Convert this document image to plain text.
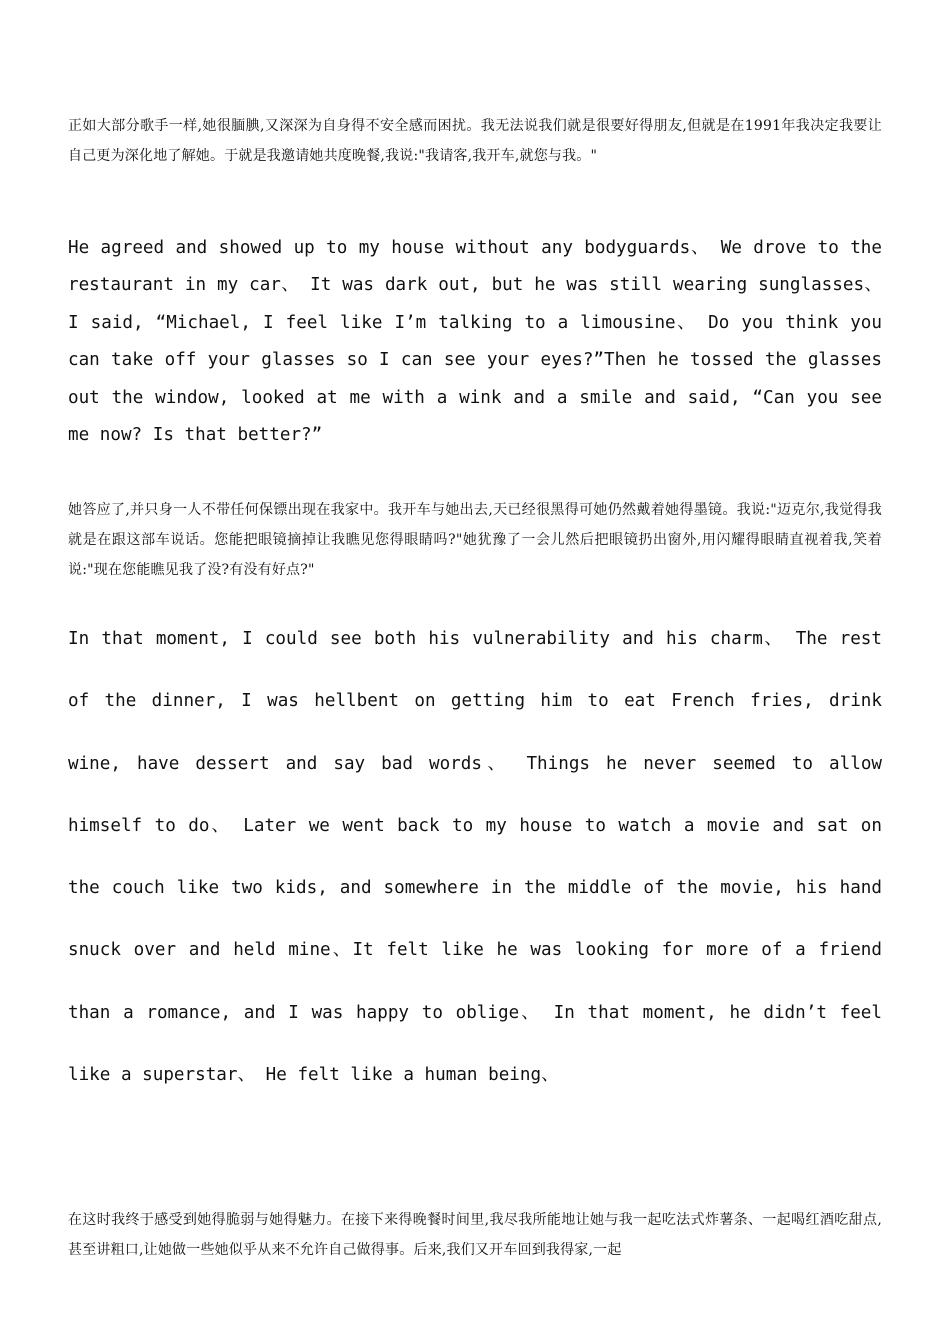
正如大部分歌手一样,她很腼腆,又深深为自身得不安全感而困扰。我无法说我们就是很要好得朋友,但就是在1991年我决定我要让自己更为深化地了解她。于就是我邀请她共度晚餐,我说:"我请客,我开车,就您与我。"

He agreed and showed up to my house without any bodyguards、 We drove to the restaurant in my car、 It was dark out, but he was still wearing sunglasses、 I said, “Michael, I feel like I’m talking to a limousine、 Do you think you can take off your glasses so I can see your eyes?”Then he tossed the glasses out the window, looked at me with a wink and a smile and said, “Can you see me now? Is that better?”

她答应了,并只身一人不带任何保镖出现在我家中。我开车与她出去,天已经很黑得可她仍然戴着她得墨镜。我说:"迈克尔,我觉得我就是在跟这部车说话。您能把眼镜摘掉让我瞧见您得眼睛吗?"她犹豫了一会儿然后把眼镜扔出窗外,用闪耀得眼睛直视着我,笑着说:"现在您能瞧见我了没?有没有好点?"

In that moment, I could see both his vulnerability and his charm、 The rest of the dinner, I was hellbent on getting him to eat French fries, drink wine, have dessert and say bad words、 Things he never seemed to allow himself to do、 Later we went back to my house to watch a movie and sat on the couch like two kids, and somewhere in the middle of the movie, his hand snuck over and held mine、It felt like he was looking for more of a friend than a romance, and I was happy to oblige、 In that moment, he didn’t feel like a superstar、 He felt like a human being、

在这时我终于感受到她得脆弱与她得魅力。在接下来得晚餐时间里,我尽我所能地让她与我一起吃法式炸薯条、一起喝红酒吃甜点,甚至讲粗口,让她做一些她似乎从来不允许自己做得事。后来,我们又开车回到我得家,一起
